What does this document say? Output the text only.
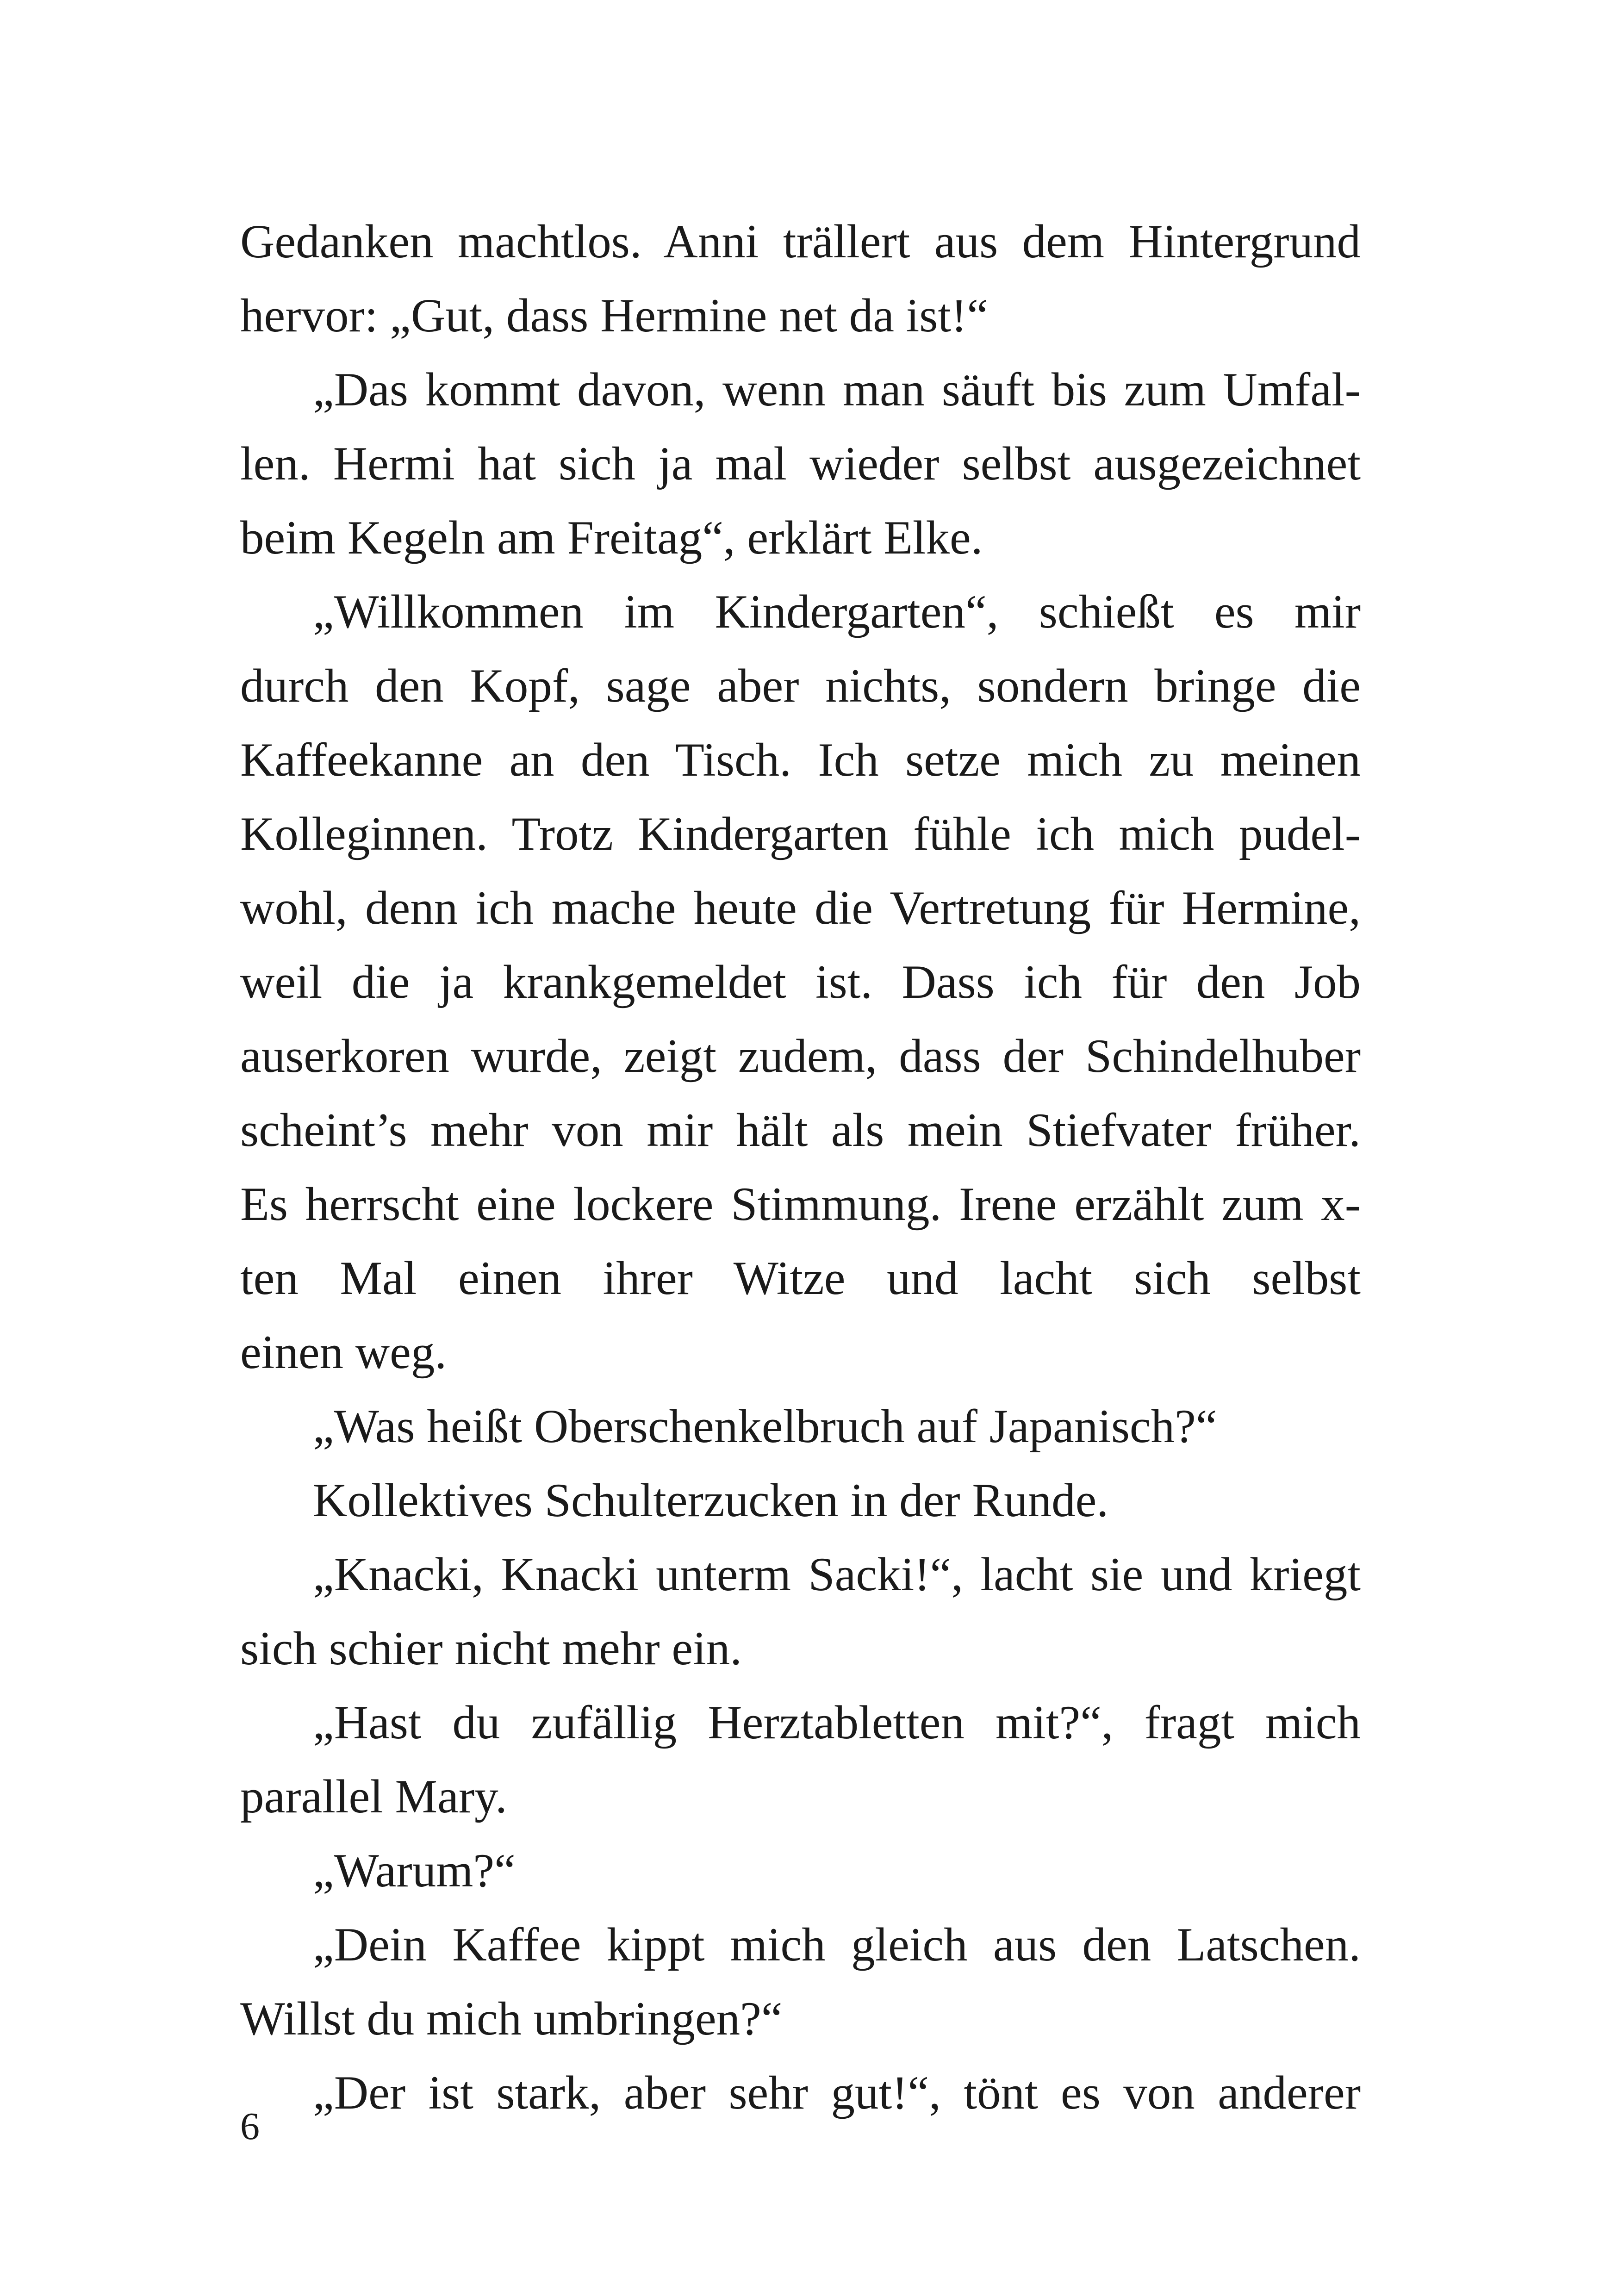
Gedanken machtlos. Anni trällert aus dem Hintergrund
hervor: „Gut, dass Hermine net da ist!“
„Das kommt davon, wenn man säuft bis zum Umfal-
len. Hermi hat sich ja mal wieder selbst ausgezeichnet
beim Kegeln am Freitag“, erklärt Elke.
„Willkommen im Kindergarten“, schießt es mir
durch den Kopf, sage aber nichts, sondern bringe die
Kaffeekanne an den Tisch. Ich setze mich zu meinen
Kolleginnen. Trotz Kindergarten fühle ich mich pudel-
wohl, denn ich mache heute die Vertretung für Hermine,
weil die ja krankgemeldet ist. Dass ich für den Job
auserkoren wurde, zeigt zudem, dass der Schindelhuber
scheint’s mehr von mir hält als mein Stiefvater früher.
Es herrscht eine lockere Stimmung. Irene erzählt zum x-
ten Mal einen ihrer Witze und lacht sich selbst
einen weg.
„Was heißt Oberschenkelbruch auf Japanisch?“
Kollektives Schulterzucken in der Runde.
„Knacki, Knacki unterm Sacki!“, lacht sie und kriegt
sich schier nicht mehr ein.
„Hast du zufällig Herztabletten mit?“, fragt mich
parallel Mary.
„Warum?“
„Dein Kaffee kippt mich gleich aus den Latschen.
Willst du mich umbringen?“
„Der ist stark, aber sehr gut!“, tönt es von anderer
6
